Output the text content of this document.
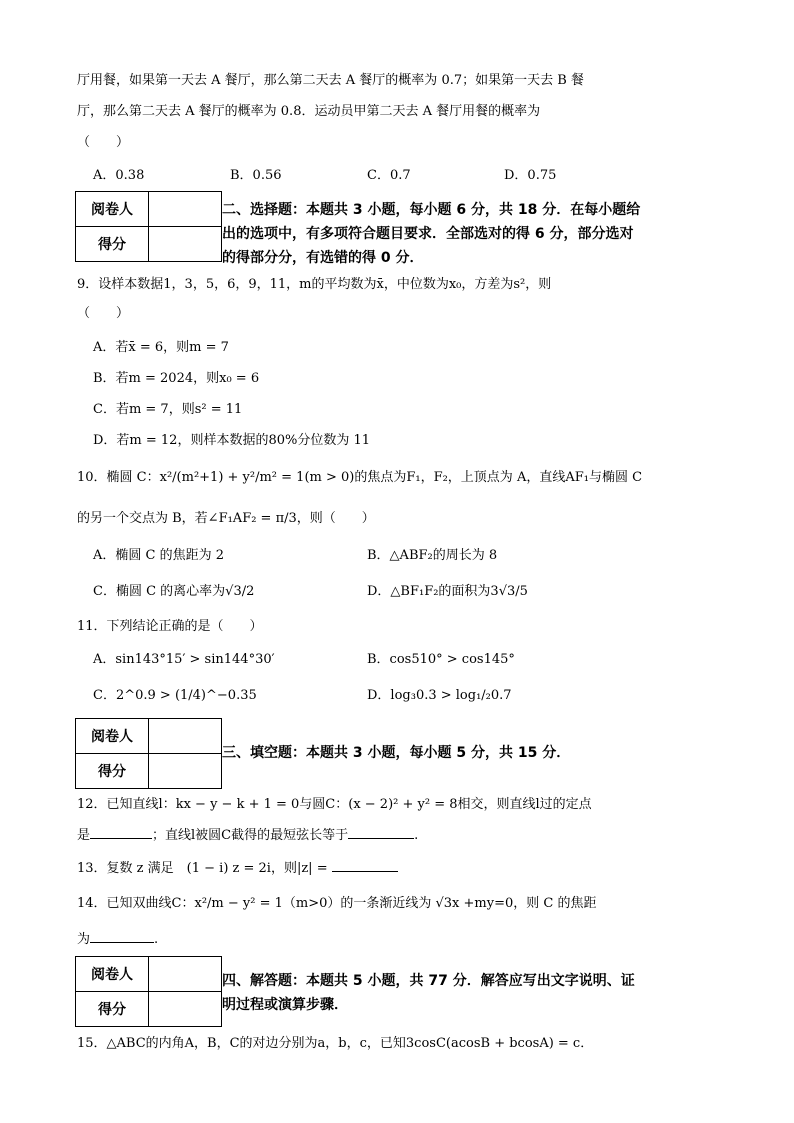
厅用餐，如果第一天去 A 餐厅，那么第二天去 A 餐厅的概率为 0.7；如果第一天去 B 餐
厅，那么第二天去 A 餐厅的概率为 0.8．运动员甲第二天去 A 餐厅用餐的概率为
（　　）
A．0.38	B．0.56	C．0.7	D．0.75
阅卷人
得分
二、选择题：本题共 3 小题，每小题 6 分，共 18 分．在每小题给出的选项中，有多项符合题目要求．全部选对的得 6 分，部分选对的得部分分，有选错的得 0 分．
9．设样本数据1，3，5，6，9，11，m的平均数为x̄，中位数为x₀，方差为s²，则
（　　）
A．若x̄ = 6，则m = 7
B．若m = 2024，则x₀ = 6
C．若m = 7，则s² = 11
D．若m = 12，则样本数据的80%分位数为 11
10．椭圆 C：x²/(m²+1) + y²/m² = 1(m > 0)的焦点为F₁，F₂，上顶点为 A，直线AF₁与椭圆 C
的另一个交点为 B，若∠F₁AF₂ = π/3，则（　　）
A．椭圆 C 的焦距为 2	B．△ABF₂的周长为 8
C．椭圆 C 的离心率为√3/2	D．△BF₁F₂的面积为3√3/5
11．下列结论正确的是（　　）
A．sin143°15′ > sin144°30′	B．cos510° > cos145°
C．2^0.9 > (1/4)^−0.35	D．log₃0.3 > log₁/₂0.7
阅卷人
得分
三、填空题：本题共 3 小题，每小题 5 分，共 15 分．
12．已知直线l：kx − y − k + 1 = 0与圆C：(x − 2)² + y² = 8相交，则直线l过的定点
是	；直线l被圆C截得的最短弦长等于	.
13．复数 z 满足　(1 − i) z = 2i，则|z| =
14．已知双曲线C：x²/m − y² = 1（m>0）的一条渐近线为 √3x +my=0，则 C 的焦距
为	.
阅卷人
得分
四、解答题：本题共 5 小题，共 77 分．解答应写出文字说明、证明过程或演算步骤．
15．△ABC的内角A，B，C的对边分别为a，b，c，已知3cosC(acosB + bcosA) = c．
